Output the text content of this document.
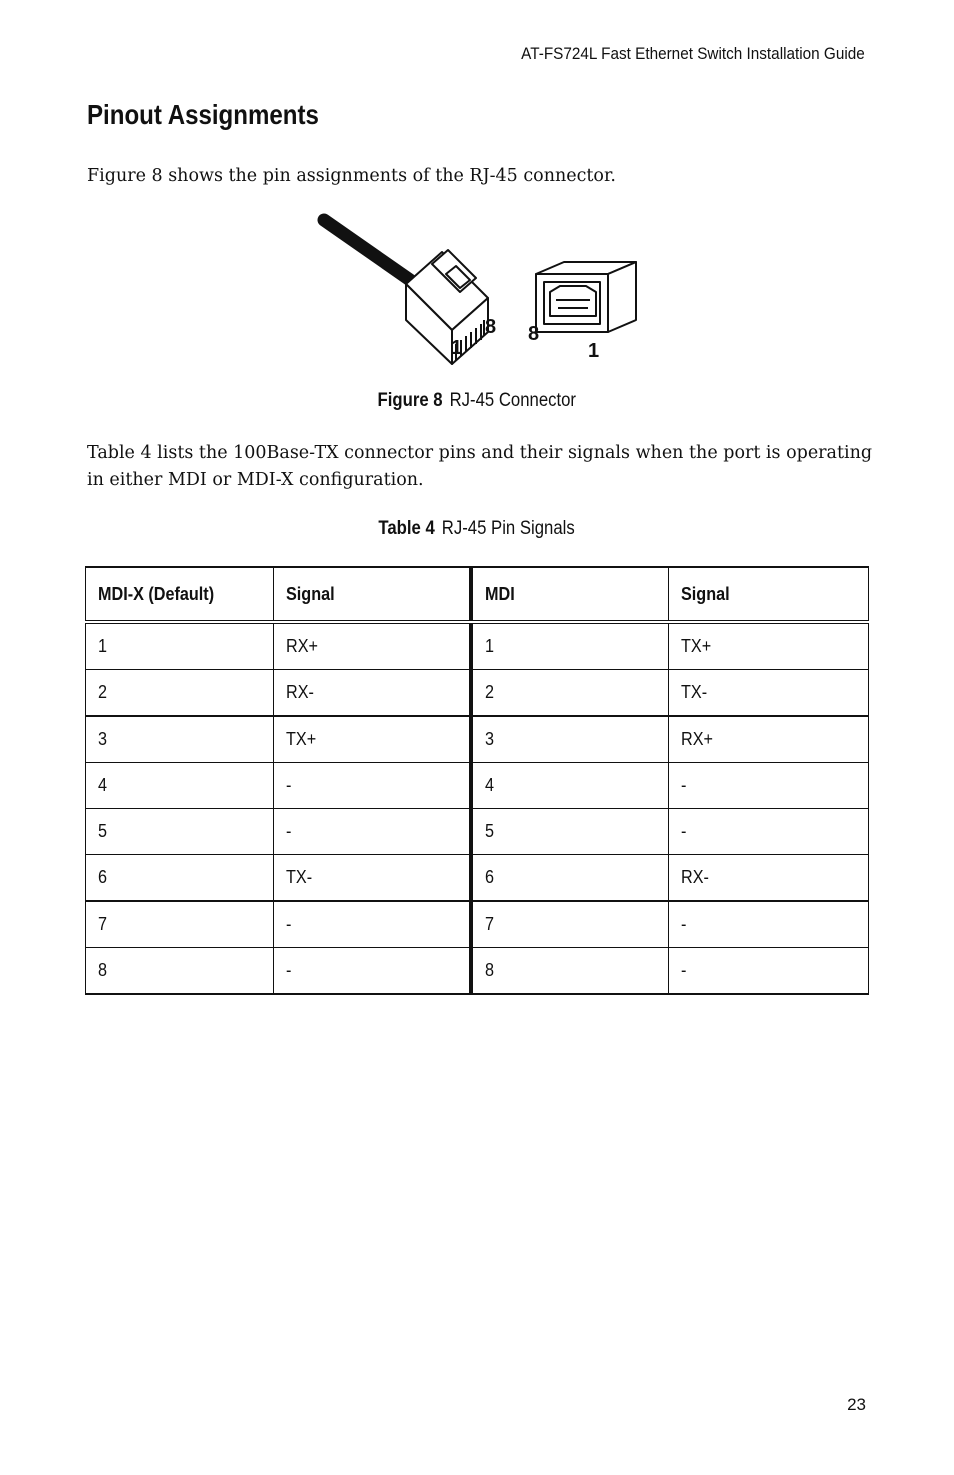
AT-FS724L Fast Ethernet Switch Installation Guide
Pinout Assignments

Figure 8 shows the pin assignments of the RJ-45 connector.

1
8 8
1
Figure 8 RJ-45 Connector

Table 4 lists the 100Base-TX connector pins and their signals when the port is operating in either MDI or MDI-X configuration.

Table 4 RJ-45 Pin Signals
MDI-X (Default)	Signal	MDI	Signal
1	RX+	1	TX+
2	RX-	2	TX-
3	TX+	3	RX+
4	-	4	-
5	-	5	-
6	TX-	6	RX-
7	-	7	-
8	-	8	-
23
